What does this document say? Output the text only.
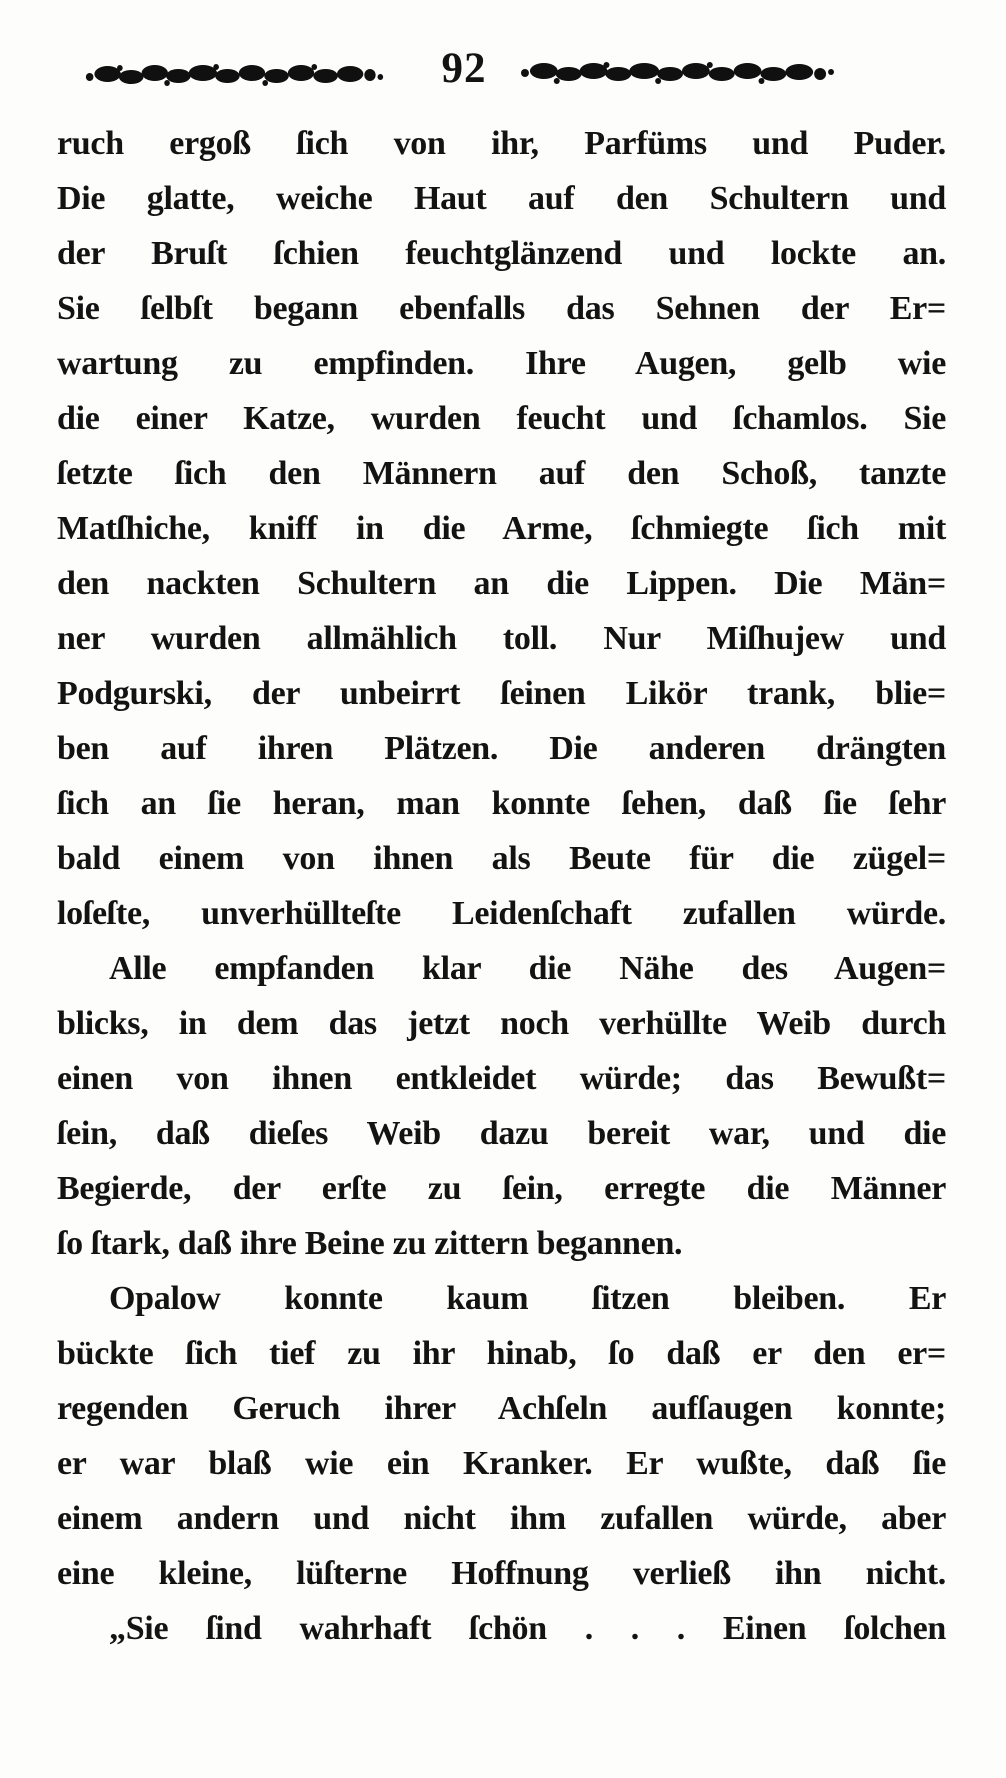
92
ruch ergoß ſich von ihr, Parfüms und Puder.
Die glatte, weiche Haut auf den Schultern und
der Bruſt ſchien feuchtglänzend und lockte an.
Sie ſelbſt begann ebenfalls das Sehnen der Er=
wartung zu empfinden. Ihre Augen, gelb wie
die einer Katze, wurden feucht und ſchamlos. Sie
ſetzte ſich den Männern auf den Schoß, tanzte
Matſhiche, kniff in die Arme, ſchmiegte ſich mit
den nackten Schultern an die Lippen. Die Män=
ner wurden allmählich toll. Nur Miſhujew und
Podgurski, der unbeirrt ſeinen Likör trank, blie=
ben auf ihren Plätzen. Die anderen drängten
ſich an ſie heran, man konnte ſehen, daß ſie ſehr
bald einem von ihnen als Beute für die zügel=
loſeſte, unverhüllteſte Leidenſchaft zufallen würde.
Alle empfanden klar die Nähe des Augen=
blicks, in dem das jetzt noch verhüllte Weib durch
einen von ihnen entkleidet würde; das Bewußt=
ſein, daß dieſes Weib dazu bereit war, und die
Begierde, der erſte zu ſein, erregte die Männer
ſo ſtark, daß ihre Beine zu zittern begannen.
Opalow konnte kaum ſitzen bleiben. Er
bückte ſich tief zu ihr hinab, ſo daß er den er=
regenden Geruch ihrer Achſeln aufſaugen konnte;
er war blaß wie ein Kranker. Er wußte, daß ſie
einem andern und nicht ihm zufallen würde, aber
eine kleine, lüſterne Hoffnung verließ ihn nicht.
„Sie ſind wahrhaft ſchön . . . Einen ſolchen
